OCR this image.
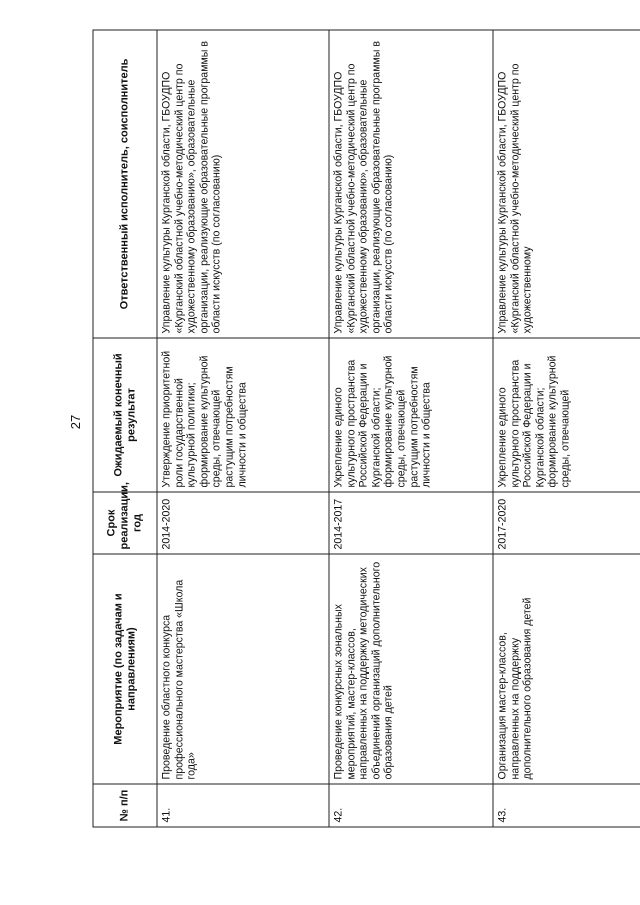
27
№ п/п	Мероприятие (по задачам и направлениям)	Срок реализации, год	Ожидаемый конечный результат	Ответственный исполнитель, соисполнитель
41.	Проведение областного конкурса профессионального мастерства «Школа года»	2014-2020	Утверждение приоритетной роли государственной культурной политики; формирование культурной среды, отвечающей растущим потребностям личности и общества	Управление культуры Курганской области, ГБОУДПО «Курганский областной учебно-методический центр по художественному образованию», образовательные организации, реализующие образовательные программы в области искусств (по согласованию)
42.	Проведение конкурсных зональных мероприятий, мастер-классов, направленных на поддержку методических объединений организаций дополнительного образования детей	2014-2017	Укрепление единого культурного пространства Российской Федерации и Курганской области; формирование культурной среды, отвечающей растущим потребностям личности и общества	Управление культуры Курганской области, ГБОУДПО «Курганский областной учебно-методический центр по художественному образованию», образовательные организации, реализующие образовательные программы в области искусств (по согласованию)

43.	Организация мастер-классов, направленных на поддержку дополнительного образования детей	2017-2020	Укрепление единого культурного пространства Российской Федерации и Курганской области; формирование культурной среды, отвечающей	Управление культуры Курганской области, ГБОУДПО «Курганский областной учебно-методический центр по художественному
